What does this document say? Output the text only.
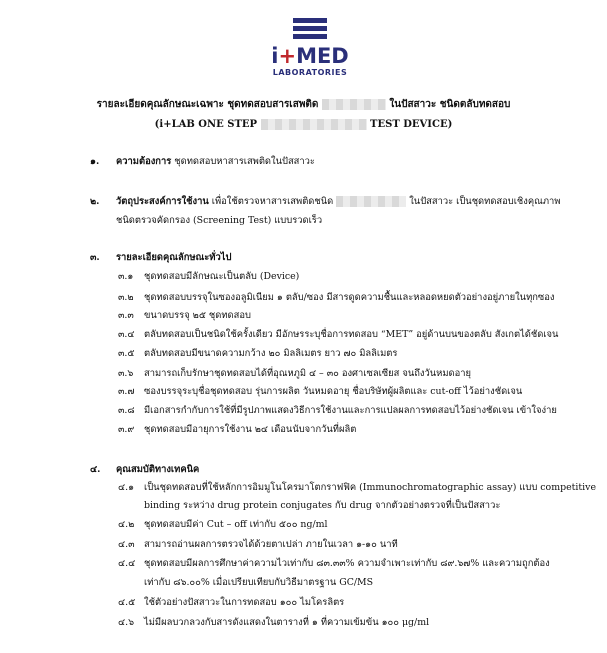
i+MED
LABORATORIES
รายละเอียดคุณลักษณะเฉพาะ ชุดทดสอบสารเสพติด	ในปัสสาวะ ชนิดตลับทดสอบ
(i+LAB ONE STEP	TEST DEVICE)
๑. ความต้องการ ชุดทดสอบหาสารเสพติดในปัสสาวะ
๒. วัตถุประสงค์การใช้งาน เพื่อใช้ตรวจหาสารเสพติดชนิด	ในปัสสาวะ เป็นชุดทดสอบเชิงคุณภาพ
ชนิดตรวจคัดกรอง (Screening Test) แบบรวดเร็ว
๓. รายละเอียดคุณลักษณะทั่วไป
๓.๑ ชุดทดสอบมีลักษณะเป็นตลับ (Device)
๓.๒ ชุดทดสอบบรรจุในซองอลูมิเนียม ๑ ตลับ/ซอง มีสารดูดความชื้นและหลอดหยดตัวอย่างอยู่ภายในทุกซอง
๓.๓ ขนาดบรรจุ ๒๕ ชุดทดสอบ
๓.๔ ตลับทดสอบเป็นชนิดใช้ครั้งเดียว มีอักษรระบุชื่อการทดสอบ “MET” อยู่ด้านบนของตลับ สังเกตได้ชัดเจน
๓.๕ ตลับทดสอบมีขนาดความกว้าง ๒๐ มิลลิเมตร ยาว ๗๐ มิลลิเมตร
๓.๖ สามารถเก็บรักษาชุดทดสอบได้ที่อุณหภูมิ ๔ – ๓๐ องศาเซลเซียส จนถึงวันหมดอายุ
๓.๗ ซองบรรจุระบุชื่อชุดทดสอบ รุ่นการผลิต วันหมดอายุ ชื่อบริษัทผู้ผลิตและ cut-off ไว้อย่างชัดเจน
๓.๘ มีเอกสารกำกับการใช้ที่มีรูปภาพแสดงวิธีการใช้งานและการแปลผลการทดสอบไว้อย่างชัดเจน เข้าใจง่าย
๓.๙ ชุดทดสอบมีอายุการใช้งาน ๒๔ เดือนนับจากวันที่ผลิต
๔. คุณสมบัติทางเทคนิค
๔.๑ เป็นชุดทดสอบที่ใช้หลักการอิมมูโนโครมาโตกราฟฟิค (Immunochromatographic assay) แบบ competitive
binding ระหว่าง drug protein conjugates กับ drug จากตัวอย่างตรวจที่เป็นปัสสาวะ
๔.๒ ชุดทดสอบมีค่า Cut – off เท่ากับ ๕๐๐ ng/ml
๔.๓ สามารถอ่านผลการตรวจได้ด้วยตาเปล่า ภายในเวลา ๑-๑๐ นาที
๔.๔ ชุดทดสอบมีผลการศึกษาค่าความไวเท่ากับ ๘๓.๓๓% ความจำเพาะเท่ากับ ๘๙.๖๗% และความถูกต้อง
เท่ากับ ๘๖.๐๐% เมื่อเปรียบเทียบกับวิธีมาตรฐาน GC/MS
๔.๕ ใช้ตัวอย่างปัสสาวะในการทดสอบ ๑๐๐ ไมโครลิตร
๔.๖ ไม่มีผลบวกลวงกับสารดังแสดงในตารางที่ ๑ ที่ความเข้มข้น ๑๐๐ μg/ml
